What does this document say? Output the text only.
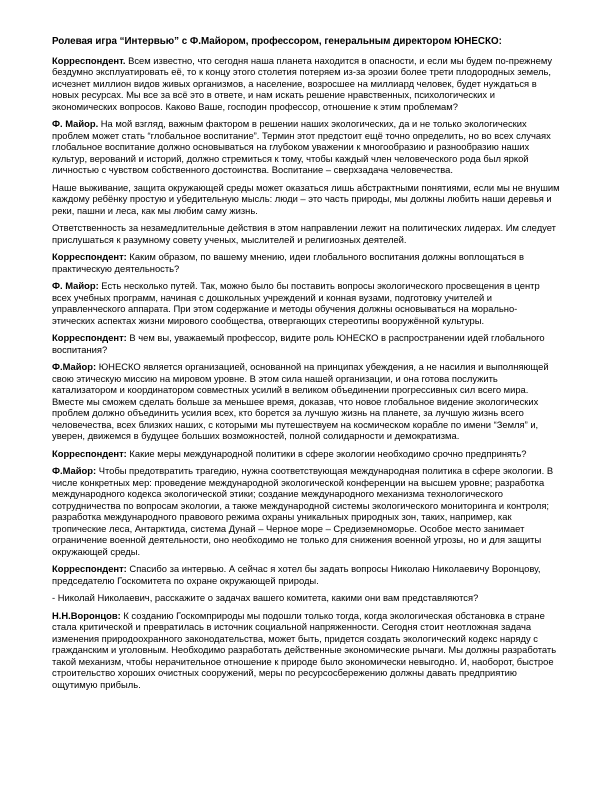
Ролевая игра “Интервью” с Ф.Майором, профессором, генеральным директором ЮНЕСКО:

Корреспондент. Всем известно, что сегодня наша планета находится в опасности, и если мы будем по-прежнему бездумно эксплуатировать её, то к концу этого столетия потеряем из-за эрозии более трети плодородных земель, исчезнет миллион видов живых организмов, а население, возросшее на миллиард человек, будет нуждаться в новых ресурсах. Мы все за всё это в ответе, и нам искать решение нравственных, психологических и экономических вопросов. Каково Ваше, господин профессор, отношение к этим проблемам?

Ф. Майор. На мой взгляд, важным фактором в решении наших экологических, да и не только экологических проблем может стать “глобальное воспитание”. Термин этот предстоит ещё точно определить, но во всех случаях глобальное воспитание должно основываться на глубоком уважении к многообразию и разнообразию наших культур, верований и историй, должно стремиться к тому, чтобы каждый член человеческого рода был яркой личностью с чувством собственного достоинства. Воспитание – сверхзадача человечества.

Наше выживание, защита окружающей среды может оказаться лишь абстрактными понятиями, если мы не внушим каждому ребёнку простую и убедительную мысль: люди – это часть природы, мы должны любить наши деревья и реки, пашни и леса, как мы любим саму жизнь.

Ответственность за незамедлительные действия в этом направлении лежит на политических лидерах. Им следует прислушаться к разумному совету ученых, мыслителей и религиозных деятелей.

Корреспондент: Каким образом, по вашему мнению, идеи глобального воспитания должны воплощаться в практическую деятельность?

Ф. Майор: Есть несколько путей. Так, можно было бы поставить вопросы экологического просвещения в центр всех учебных программ, начиная с дошкольных учреждений и конная вузами, подготовку учителей и управленческого аппарата. При этом содержание и методы обучения должны основываться на морально-этических аспектах жизни мирового сообщества, отвергающих стереотипы вооружённой культуры.

Корреспондент: В чем вы, уважаемый профессор, видите роль ЮНЕСКО в распространении идей глобального воспитания?

Ф.Майор: ЮНЕСКО является организацией, основанной на принципах убеждения, а не насилия и выполняющей свою этическую миссию на мировом уровне. В этом сила нашей организации, и она готова послужить катализатором и координатором совместных усилий в великом объединении прогрессивных сил всего мира. Вместе мы сможем сделать больше за меньшее время, доказав, что новое глобальное видение экологических проблем должно объединить усилия всех, кто борется за лучшую жизнь на планете, за лучшую жизнь всего человечества, всех близких наших, с которыми мы путешествуем на космическом корабле по имени “Земля” и, уверен, движемся в будущее больших возможностей, полной солидарности и демократизма.

Корреспондент: Какие меры международной политики в сфере экологии необходимо срочно предпринять?

Ф.Майор: Чтобы предотвратить трагедию, нужна соответствующая международная политика в сфере экологии. В числе конкретных мер: проведение международной экологической конференции на высшем уровне; разработка международного кодекса экологической этики; создание международного механизма технологического сотрудничества по вопросам экологии, а также международной системы экологического мониторинга и контроля; разработка международного правового режима охраны уникальных природных зон, таких, например, как тропические леса, Антарктида, система Дунай – Черное море – Средиземноморье. Особое место занимает ограничение военной деятельности, оно необходимо не только для снижения военной угрозы, но и для защиты окружающей среды.

Корреспондент: Спасибо за интервью. А сейчас я хотел бы задать вопросы Николаю Николаевичу Воронцову, председателю Госкомитета по охране окружающей природы.

- Николай Николаевич, расскажите о задачах вашего комитета, какими они вам представляются?

Н.Н.Воронцов: К созданию Госкомприроды мы подошли только тогда, когда экологическая обстановка в стране стала критической и превратилась в источник социальной напряженности. Сегодня стоит неотложная задача изменения природоохранного законодательства, может быть, придется создать экологический кодекс наряду с гражданским и уголовным. Необходимо разработать действенные экономические рычаги. Мы должны разработать такой механизм, чтобы нерачительное отношение к природе было экономически невыгодно. И, наоборот, быстрое строительство хороших очистных сооружений, меры по ресурсосбережению должны давать предприятию ощутимую прибыль.
